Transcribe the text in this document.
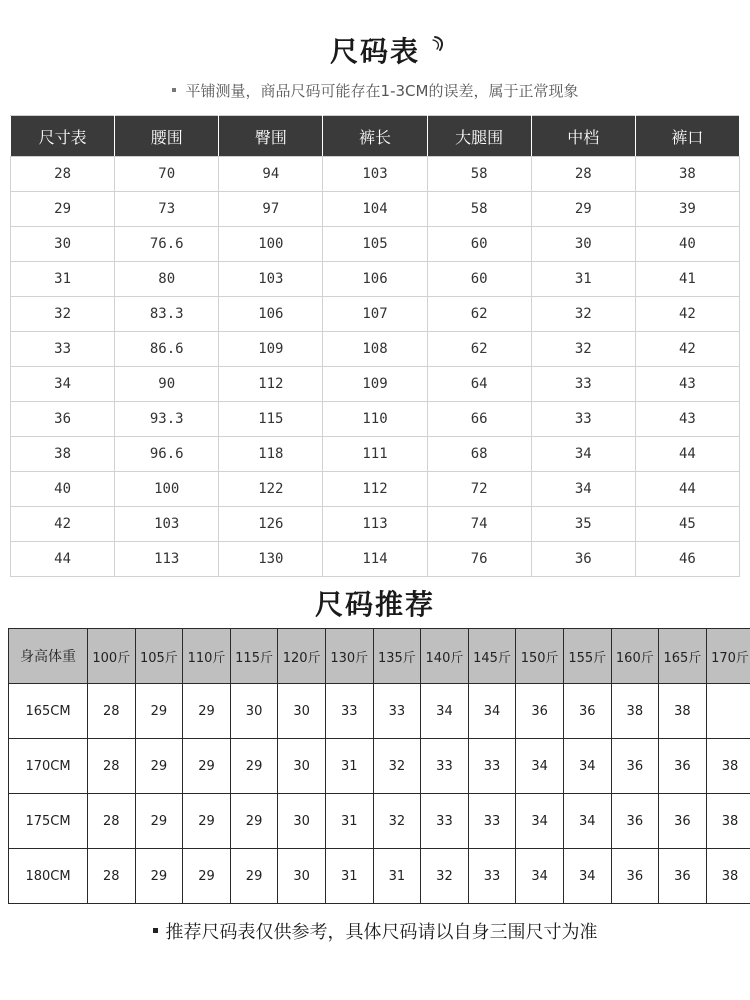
尺码表
平铺测量，商品尺码可能存在1-3CM的误差，属于正常现象
尺寸表	腰围	臀围	裤长	大腿围	中档	裤口
28	70	94	103	58	28	38
29	73	97	104	58	29	39
30	76.6	100	105	60	30	40
31	80	103	106	60	31	41
32	83.3	106	107	62	32	42
33	86.6	109	108	62	32	42
34	90	112	109	64	33	43
36	93.3	115	110	66	33	43
38	96.6	118	111	68	34	44
40	100	122	112	72	34	44
42	103	126	113	74	35	45
44	113	130	114	76	36	46
尺码推荐
身高体重	100斤	105斤	110斤	115斤	120斤	130斤	135斤	140斤	145斤	150斤	155斤	160斤	165斤	170斤
165CM	28	29	29	30	30	33	33	34	34	36	36	38	38	
170CM	28	29	29	29	30	31	32	33	33	34	34	36	36	38
175CM	28	29	29	29	30	31	32	33	33	34	34	36	36	38
180CM	28	29	29	29	30	31	31	32	33	34	34	36	36	38
推荐尺码表仅供参考，具体尺码请以自身三围尺寸为准
